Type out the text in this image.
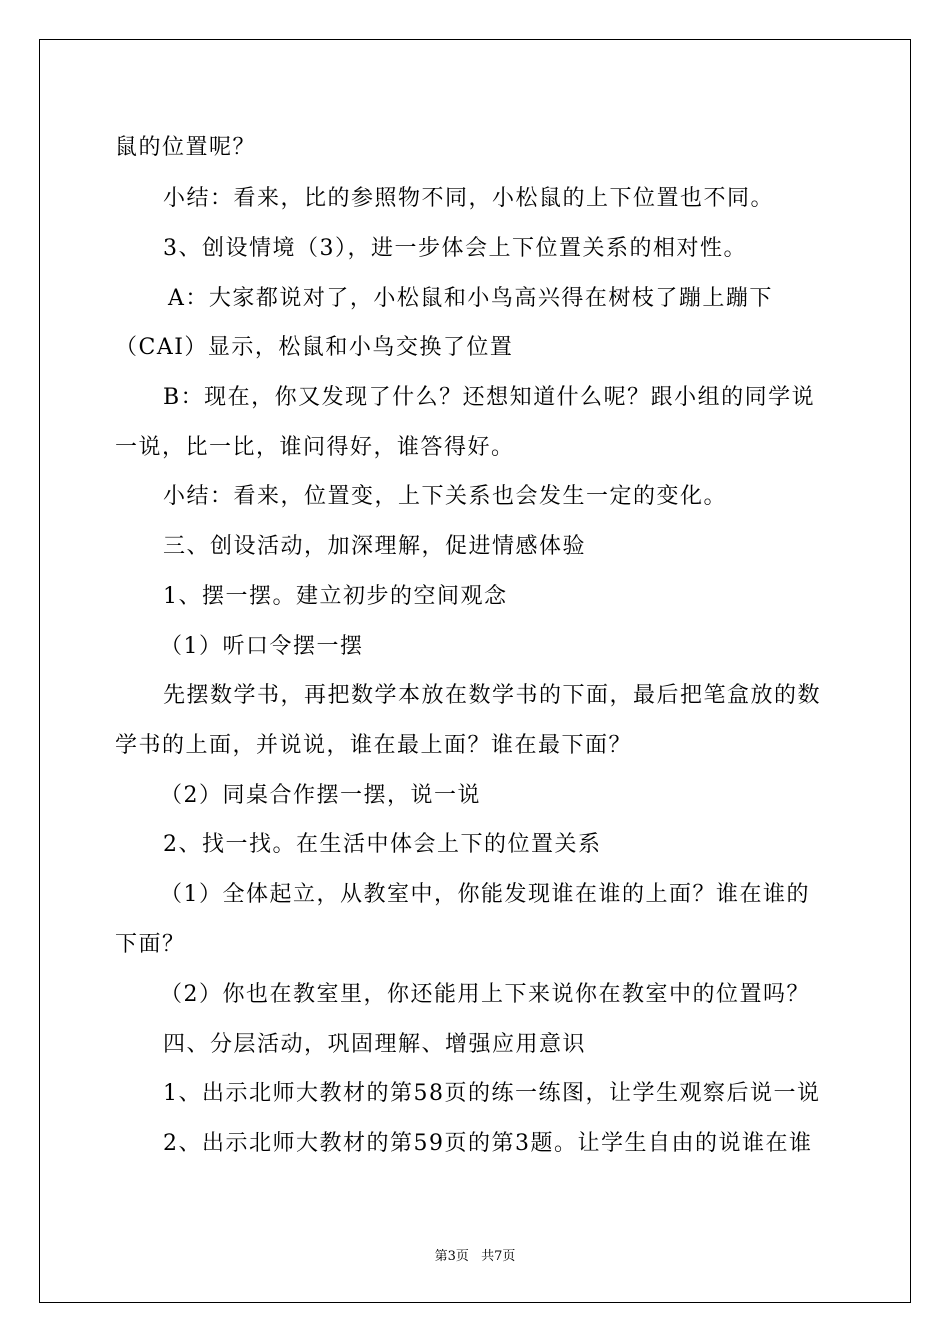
鼠的位置呢？
小结：看来，比的参照物不同，小松鼠的上下位置也不同。
3、创设情境（3），进一步体会上下位置关系的相对性。
A：大家都说对了，小松鼠和小鸟高兴得在树枝了蹦上蹦下
（CAI）显示，松鼠和小鸟交换了位置
B：现在，你又发现了什么？还想知道什么呢？跟小组的同学说
一说，比一比，谁问得好，谁答得好。
小结：看来，位置变，上下关系也会发生一定的变化。
三、创设活动，加深理解，促进情感体验
1、摆一摆。建立初步的空间观念
（1）听口令摆一摆
先摆数学书，再把数学本放在数学书的下面，最后把笔盒放的数
学书的上面，并说说，谁在最上面？谁在最下面？
（2）同桌合作摆一摆，说一说
2、找一找。在生活中体会上下的位置关系
（1）全体起立，从教室中，你能发现谁在谁的上面？谁在谁的
下面？
（2）你也在教室里，你还能用上下来说你在教室中的位置吗？
四、分层活动，巩固理解、增强应用意识
1、出示北师大教材的第58页的练一练图，让学生观察后说一说
2、出示北师大教材的第59页的第3题。让学生自由的说谁在谁
第3页 共7页
